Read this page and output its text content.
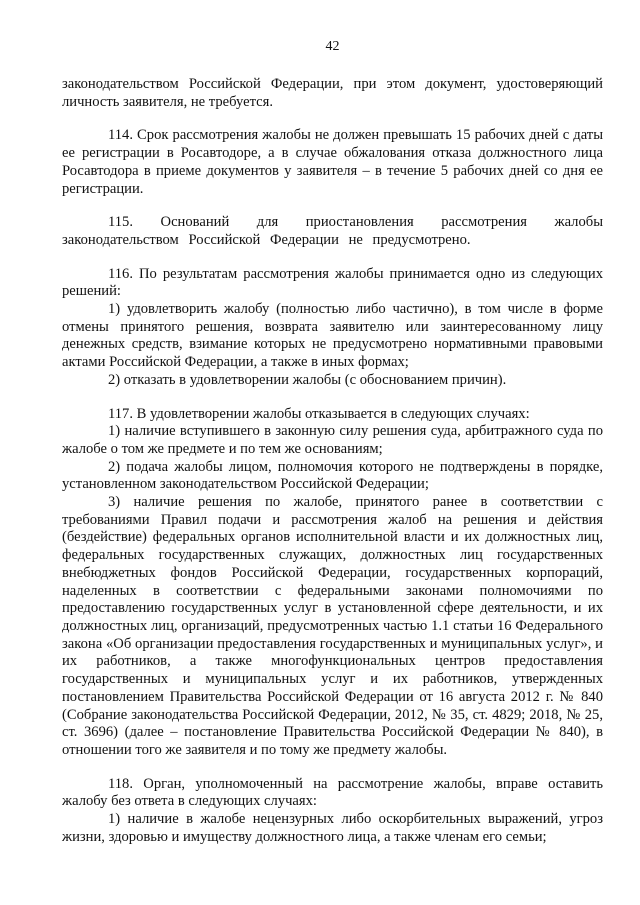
42

законодательством Российской Федерации, при этом документ, удостоверяющий личность заявителя, не требуется.

114. Срок рассмотрения жалобы не должен превышать 15 рабочих дней с даты ее регистрации в Росавтодоре, а в случае обжалования отказа должностного лица Росавтодора в приеме документов у заявителя – в течение 5 рабочих дней со дня ее регистрации.

115. Оснований для приостановления рассмотрения жалобы законодательством Российской Федерации не предусмотрено.

116. По результатам рассмотрения жалобы принимается одно из следующих решений:

1) удовлетворить жалобу (полностью либо частично), в том числе в форме отмены принятого решения, возврата заявителю или заинтересованному лицу денежных средств, взимание которых не предусмотрено нормативными правовыми актами Российской Федерации, а также в иных формах;

2) отказать в удовлетворении жалобы (с обоснованием причин).

117. В удовлетворении жалобы отказывается в следующих случаях:

1) наличие вступившего в законную силу решения суда, арбитражного суда по жалобе о том же предмете и по тем же основаниям;

2) подача жалобы лицом, полномочия которого не подтверждены в порядке, установленном законодательством Российской Федерации;

3) наличие решения по жалобе, принятого ранее в соответствии с требованиями Правил подачи и рассмотрения жалоб на решения и действия (бездействие) федеральных органов исполнительной власти и их должностных лиц, федеральных государственных служащих, должностных лиц государственных внебюджетных фондов Российской Федерации, государственных корпораций, наделенных в соответствии с федеральными законами полномочиями по предоставлению государственных услуг в установленной сфере деятельности, и их должностных лиц, организаций, предусмотренных частью 1.1 статьи 16 Федерального закона «Об организации предоставления государственных и муниципальных услуг», и их работников, а также многофункциональных центров предоставления государственных и муниципальных услуг и их работников, утвержденных постановлением Правительства Российской Федерации от 16 августа 2012 г. № 840 (Собрание законодательства Российской Федерации, 2012, № 35, ст. 4829; 2018, № 25, ст. 3696) (далее – постановление Правительства Российской Федерации № 840), в отношении того же заявителя и по тому же предмету жалобы.

118. Орган, уполномоченный на рассмотрение жалобы, вправе оставить жалобу без ответа в следующих случаях:

1) наличие в жалобе нецензурных либо оскорбительных выражений, угроз жизни, здоровью и имуществу должностного лица, а также членам его семьи;
